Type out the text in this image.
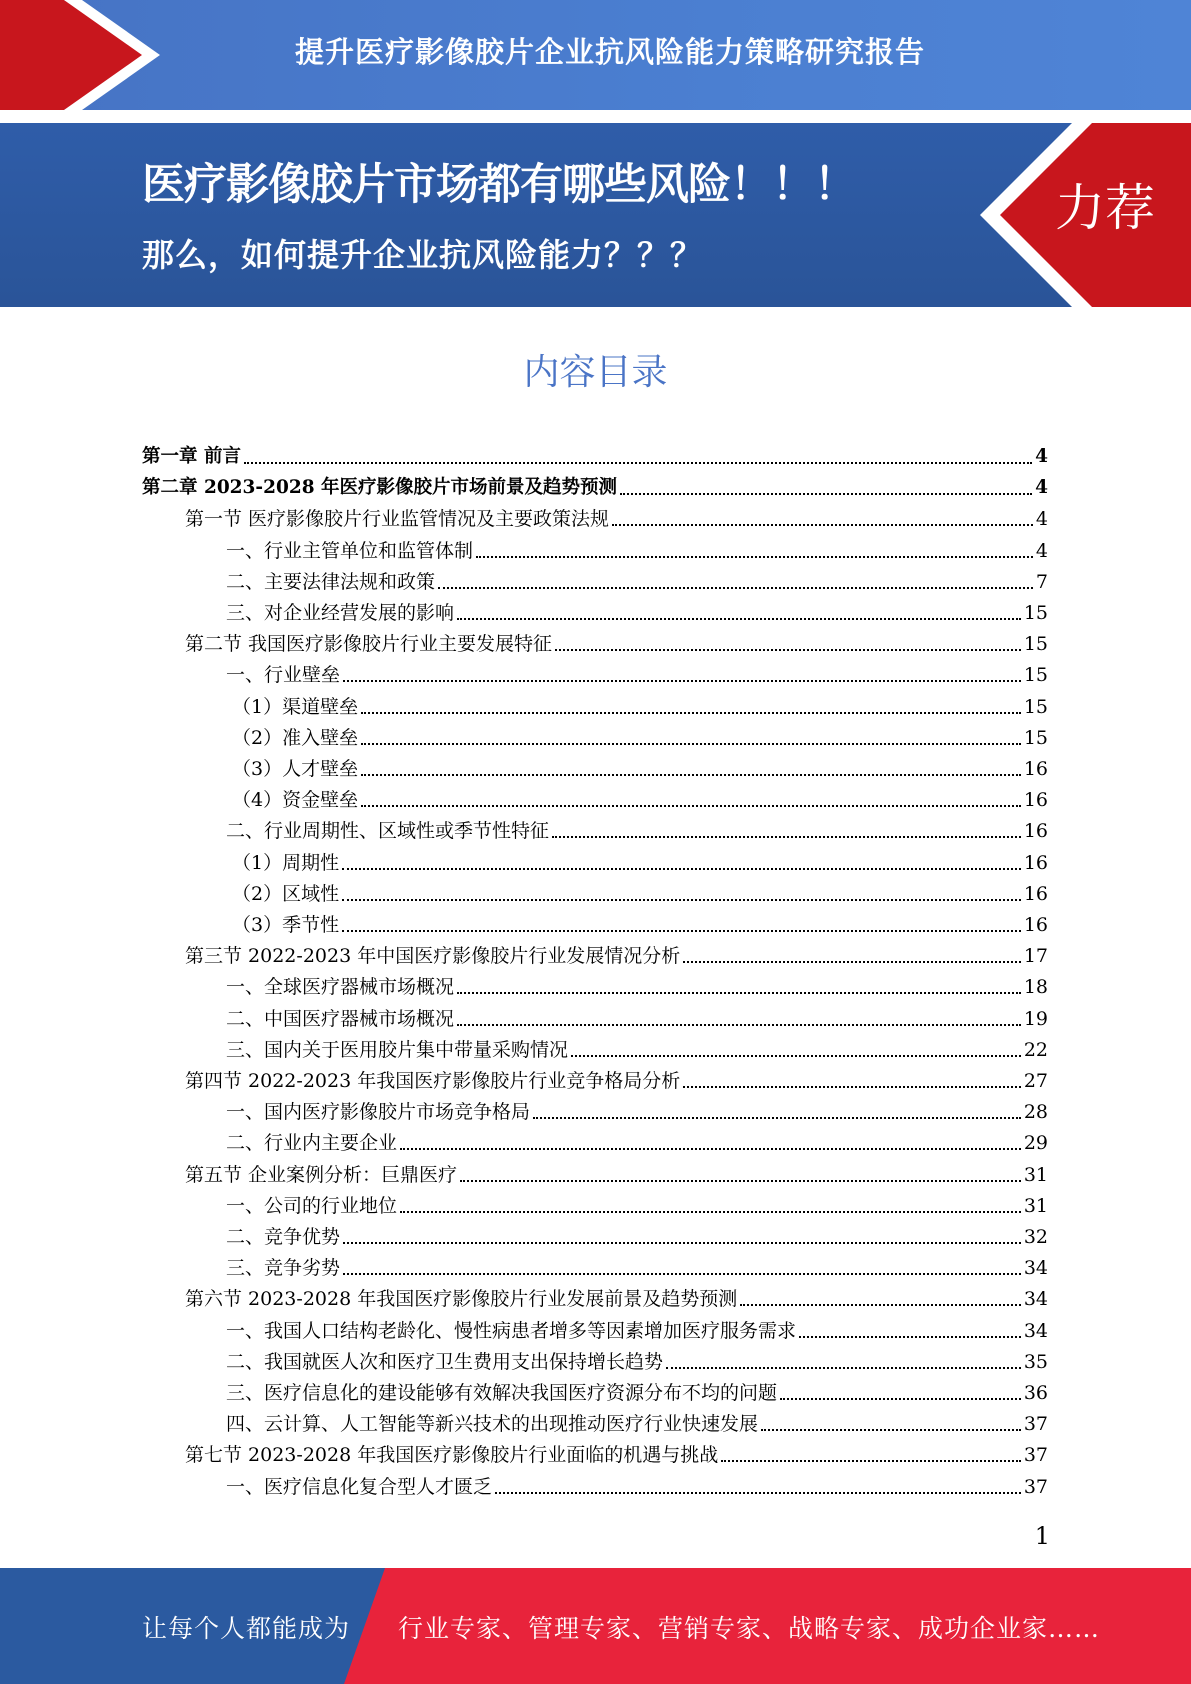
提升医疗影像胶片企业抗风险能力策略研究报告
医疗影像胶片市场都有哪些风险！！！
那么，如何提升企业抗风险能力？？？
力荐
内容目录
第一章 前言	4
第二章 2023-2028 年医疗影像胶片市场前景及趋势预测	4
第一节 医疗影像胶片行业监管情况及主要政策法规	4
一、行业主管单位和监管体制	4
二、主要法律法规和政策	7
三、对企业经营发展的影响	15
第二节 我国医疗影像胶片行业主要发展特征	15
一、行业壁垒	15
（1）渠道壁垒	15
（2）准入壁垒	15
（3）人才壁垒	16
（4）资金壁垒	16
二、行业周期性、区域性或季节性特征	16
（1）周期性	16
（2）区域性	16
（3）季节性	16
第三节 2022-2023 年中国医疗影像胶片行业发展情况分析	17
一、全球医疗器械市场概况	18
二、中国医疗器械市场概况	19
三、国内关于医用胶片集中带量采购情况	22
第四节 2022-2023 年我国医疗影像胶片行业竞争格局分析	27
一、国内医疗影像胶片市场竞争格局	28
二、行业内主要企业	29
第五节 企业案例分析：巨鼎医疗	31
一、公司的行业地位	31
二、竞争优势	32
三、竞争劣势	34
第六节 2023-2028 年我国医疗影像胶片行业发展前景及趋势预测	34
一、我国人口结构老龄化、慢性病患者增多等因素增加医疗服务需求	34
二、我国就医人次和医疗卫生费用支出保持增长趋势	35
三、医疗信息化的建设能够有效解决我国医疗资源分布不均的问题	36
四、云计算、人工智能等新兴技术的出现推动医疗行业快速发展	37
第七节 2023-2028 年我国医疗影像胶片行业面临的机遇与挑战	37
一、医疗信息化复合型人才匮乏	37
1
让每个人都能成为	行业专家、管理专家、营销专家、战略专家、成功企业家……
